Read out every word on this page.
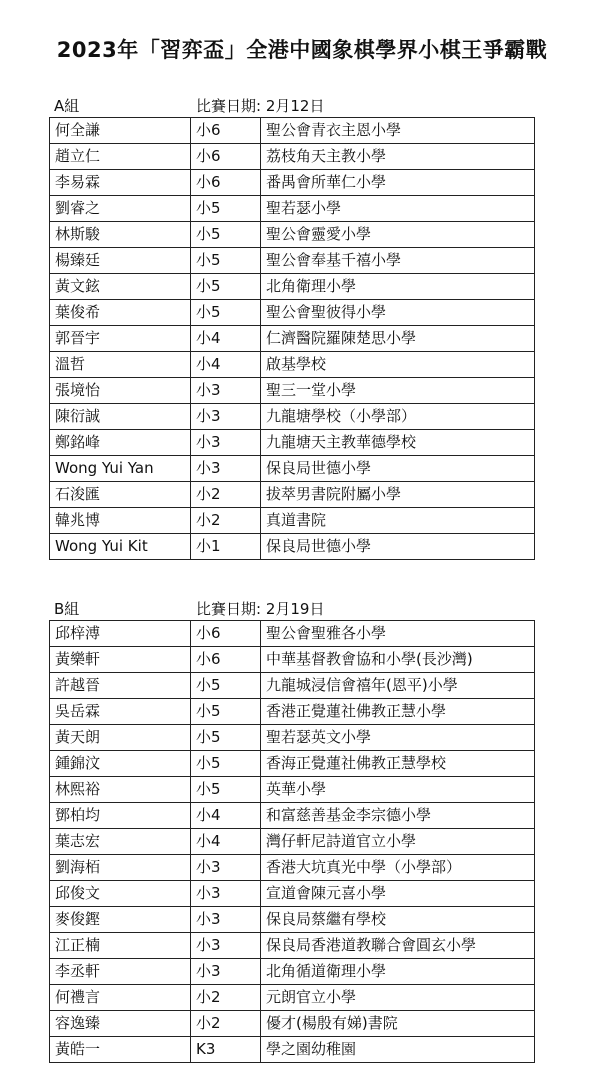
2023年「習弈盃」全港中國象棋學界小棋王爭霸戰
A組	比賽日期: 2月12日
何全謙	小6	聖公會青衣主恩小學
趙立仁	小6	荔枝角天主教小學
李易霖	小6	番禺會所華仁小學
劉睿之	小5	聖若瑟小學
林斯駿	小5	聖公會靈愛小學
楊臻廷	小5	聖公會奉基千禧小學
黃文鉉	小5	北角衛理小學
葉俊希	小5	聖公會聖彼得小學
郭晉宇	小4	仁濟醫院羅陳楚思小學
溫哲	小4	啟基學校
張境怡	小3	聖三一堂小學
陳衍誠	小3	九龍塘學校（小學部）
鄭銘峰	小3	九龍塘天主教華德學校
Wong Yui Yan	小3	保良局世德小學
石浚匯	小2	拔萃男書院附屬小學
韓兆博	小2	真道書院
Wong Yui Kit	小1	保良局世德小學
B組	比賽日期: 2月19日
邱梓溥	小6	聖公會聖雅各小學
黃樂軒	小6	中華基督教會協和小學(長沙灣)
許越晉	小5	九龍城浸信會禧年(恩平)小學
吳岳霖	小5	香港正覺蓮社佛教正慧小學
黃天朗	小5	聖若瑟英文小學
鍾錦汶	小5	香海正覺蓮社佛教正慧學校
林熙裕	小5	英華小學
鄧柏均	小4	和富慈善基金李宗德小學
葉志宏	小4	灣仔軒尼詩道官立小學
劉海栢	小3	香港大坑真光中學（小學部）
邱俊文	小3	宣道會陳元喜小學
麥俊鏗	小3	保良局蔡繼有學校
江正楠	小3	保良局香港道教聯合會圓玄小學
李丞軒	小3	北角循道衛理小學
何禮言	小2	元朗官立小學
容逸臻	小2	優才(楊殷有娣)書院
黃皓一	K3	學之園幼稚園
